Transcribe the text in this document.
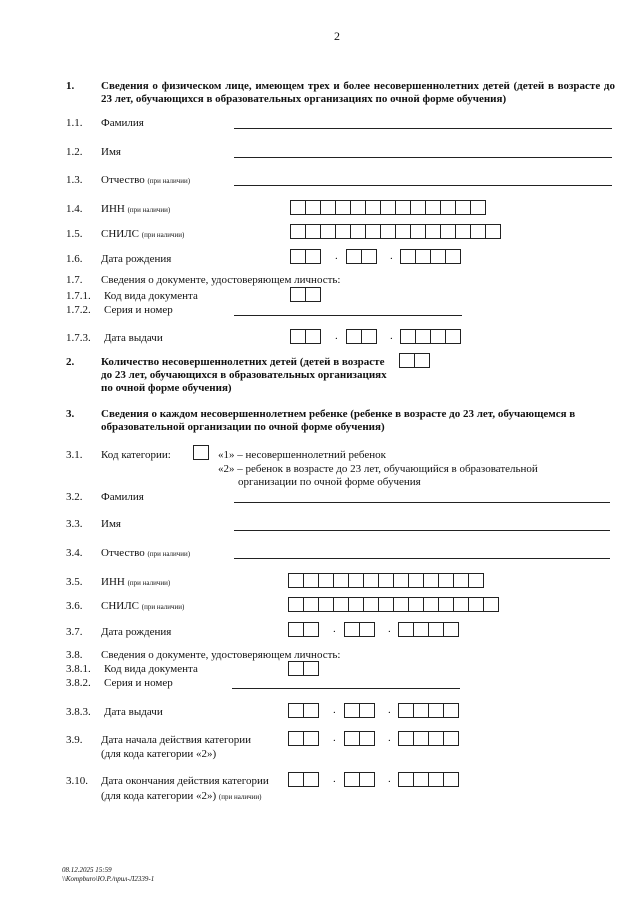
2
1. Сведения о физическом лице, имеющем трех и более несовершеннолетних детей (детей в возрасте до 23 лет, обучающихся в образовательных организациях по очной форме обучения)
1.1. Фамилия
1.2. Имя
1.3. Отчество (при наличии)
1.4. ИНН (при наличии)
1.5. СНИЛС (при наличии)
1.6. Дата рождения	.	.
1.7. Сведения о документе, удостоверяющем личность:
1.7.1. Код вида документа
1.7.2. Серия и номер
1.7.3. Дата выдачи	.	.
2. Количество несовершеннолетних детей (детей в возрасте до 23 лет, обучающихся в образовательных организациях по очной форме обучения)
3. Сведения о каждом несовершеннолетнем ребенке (ребенке в возрасте до 23 лет, обучающемся в образовательной организации по очной форме обучения)
3.1. Код категории:	«1» – несовершеннолетний ребенок
«2» – ребенок в возрасте до 23 лет, обучающийся в образовательной
организации по очной форме обучения
3.2. Фамилия
3.3. Имя
3.4. Отчество (при наличии)
3.5. ИНН (при наличии)
3.6. СНИЛС (при наличии)
3.7. Дата рождения	.	.
3.8. Сведения о документе, удостоверяющем личность:
3.8.1. Код вида документа
3.8.2. Серия и номер
3.8.3. Дата выдачи	.	.
3.9. Дата начала действия категории
(для кода категории «2»)
.	.
3.10. Дата окончания действия категории
(для кода категории «2») (при наличии)
.	.
08.12.2025 15:59
\\Kompburo\Ю.Р./прил-Л2339-1
